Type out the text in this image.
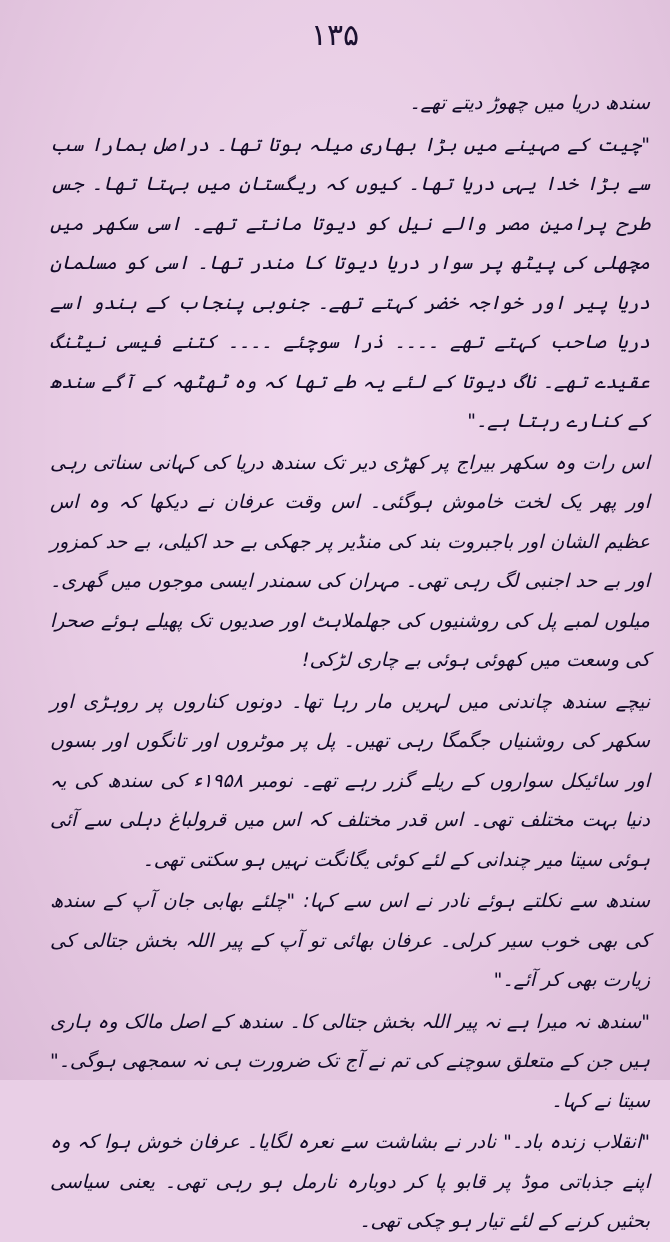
۱۳۵

سندھ دریا میں چھوڑ دیتے تھے۔

"چیت کے مہینے میں بڑا بھاری میلہ ہوتا تھا۔ دراصل ہمارا سب سے بڑا خدا یہی دریا تھا۔ کیوں کہ ریگستان میں بہتا تھا۔ جس طرح پرامین مصر والے نیل کو دیوتا مانتے تھے۔ اسی سکھر میں مچھلی کی پیٹھ پر سوار دریا دیوتا کا مندر تھا۔ اسی کو مسلمان دریا پیر اور خواجہ خضر کہتے تھے۔ جنوبی پنجاب کے ہندو اسے دریا صاحب کہتے تھے ۔۔۔۔ ذرا سوچئے ۔۔۔۔ کتنے فیسی نیٹنگ عقیدے تھے۔ ناگ دیوتا کے لئے یہ طے تھا کہ وہ ٹھٹھہ کے آگے سندھ کے کنارے رہتا ہے۔"

اس رات وہ سکھر بیراج پر کھڑی دیر تک سندھ دریا کی کہانی سناتی رہی اور پھر یک لخت خاموش ہوگئی۔ اس وقت عرفان نے دیکھا کہ وہ اس عظیم الشان اور باجبروت بند کی منڈیر پر جھکی بے حد اکیلی، بے حد کمزور اور بے حد اجنبی لگ رہی تھی۔ مہران کی سمندر ایسی موجوں میں گھری۔ میلوں لمبے پل کی روشنیوں کی جھلملاہٹ اور صدیوں تک پھیلے ہوئے صحرا کی وسعت میں کھوئی ہوئی بے چاری لڑکی!

نیچے سندھ چاندنی میں لہریں مار رہا تھا۔ دونوں کناروں پر روہڑی اور سکھر کی روشنیاں جگمگا رہی تھیں۔ پل پر موٹروں اور تانگوں اور بسوں اور سائیکل سواروں کے ریلے گزر رہے تھے۔ نومبر ۱۹۵۸ء کی سندھ کی یہ دنیا بہت مختلف تھی۔ اس قدر مختلف کہ اس میں قرولباغ دہلی سے آئی ہوئی سیتا میر چندانی کے لئے کوئی یگانگت نہیں ہو سکتی تھی۔

سندھ سے نکلتے ہوئے نادر نے اس سے کہا: "چلئے بھابی جان آپ کے سندھ کی بھی خوب سیر کرلی۔ عرفان بھائی تو آپ کے پیر اللہ بخش جتالی کی زیارت بھی کر آئے۔"

"سندھ نہ میرا ہے نہ پیر اللہ بخش جتالی کا۔ سندھ کے اصل مالک وہ ہاری ہیں جن کے متعلق سوچنے کی تم نے آج تک ضرورت ہی نہ سمجھی ہوگی۔" سیتا نے کہا۔

"انقلاب زندہ باد۔" نادر نے بشاشت سے نعرہ لگایا۔ عرفان خوش ہوا کہ وہ اپنے جذباتی موڈ پر قابو پا کر دوبارہ نارمل ہو رہی تھی۔ یعنی سیاسی بحثیں کرنے کے لئے تیار ہو چکی تھی۔
